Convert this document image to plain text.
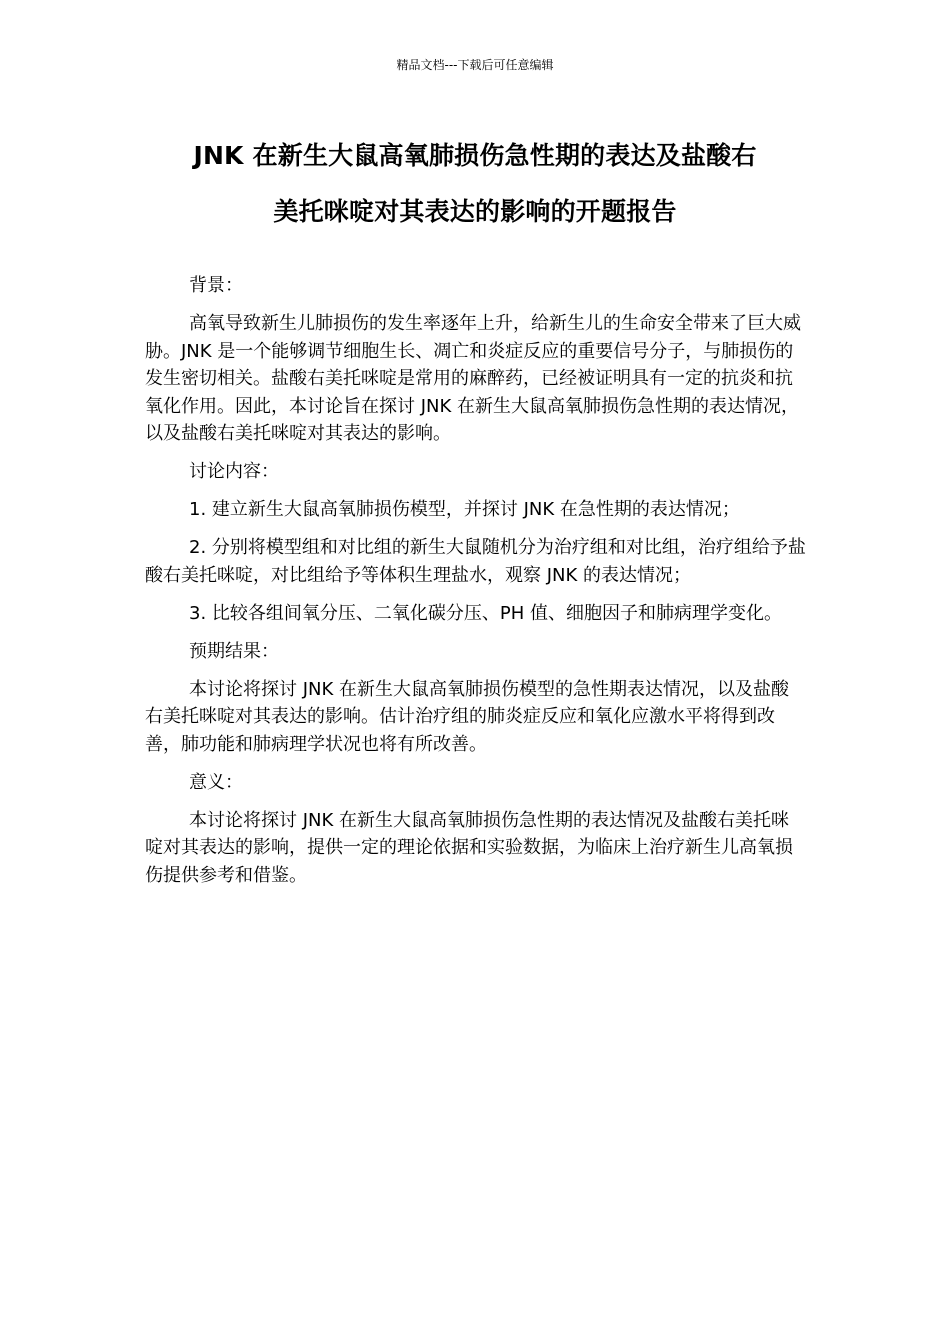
精品文档---下载后可任意编辑
JNK 在新生大鼠高氧肺损伤急性期的表达及盐酸右
美托咪啶对其表达的影响的开题报告

背景：

高氧导致新生儿肺损伤的发生率逐年上升，给新生儿的生命安全带来了巨大威胁。JNK 是一个能够调节细胞生长、凋亡和炎症反应的重要信号分子，与肺损伤的发生密切相关。盐酸右美托咪啶是常用的麻醉药，已经被证明具有一定的抗炎和抗氧化作用。因此，本讨论旨在探讨 JNK 在新生大鼠高氧肺损伤急性期的表达情况，以及盐酸右美托咪啶对其表达的影响。

讨论内容：

1. 建立新生大鼠高氧肺损伤模型，并探讨 JNK 在急性期的表达情况；

2. 分别将模型组和对比组的新生大鼠随机分为治疗组和对比组，治疗组给予盐酸右美托咪啶，对比组给予等体积生理盐水，观察 JNK 的表达情况；

3. 比较各组间氧分压、二氧化碳分压、PH 值、细胞因子和肺病理学变化。

预期结果：

本讨论将探讨 JNK 在新生大鼠高氧肺损伤模型的急性期表达情况，以及盐酸右美托咪啶对其表达的影响。估计治疗组的肺炎症反应和氧化应激水平将得到改善，肺功能和肺病理学状况也将有所改善。

意义：

本讨论将探讨 JNK 在新生大鼠高氧肺损伤急性期的表达情况及盐酸右美托咪啶对其表达的影响，提供一定的理论依据和实验数据，为临床上治疗新生儿高氧损伤提供参考和借鉴。
